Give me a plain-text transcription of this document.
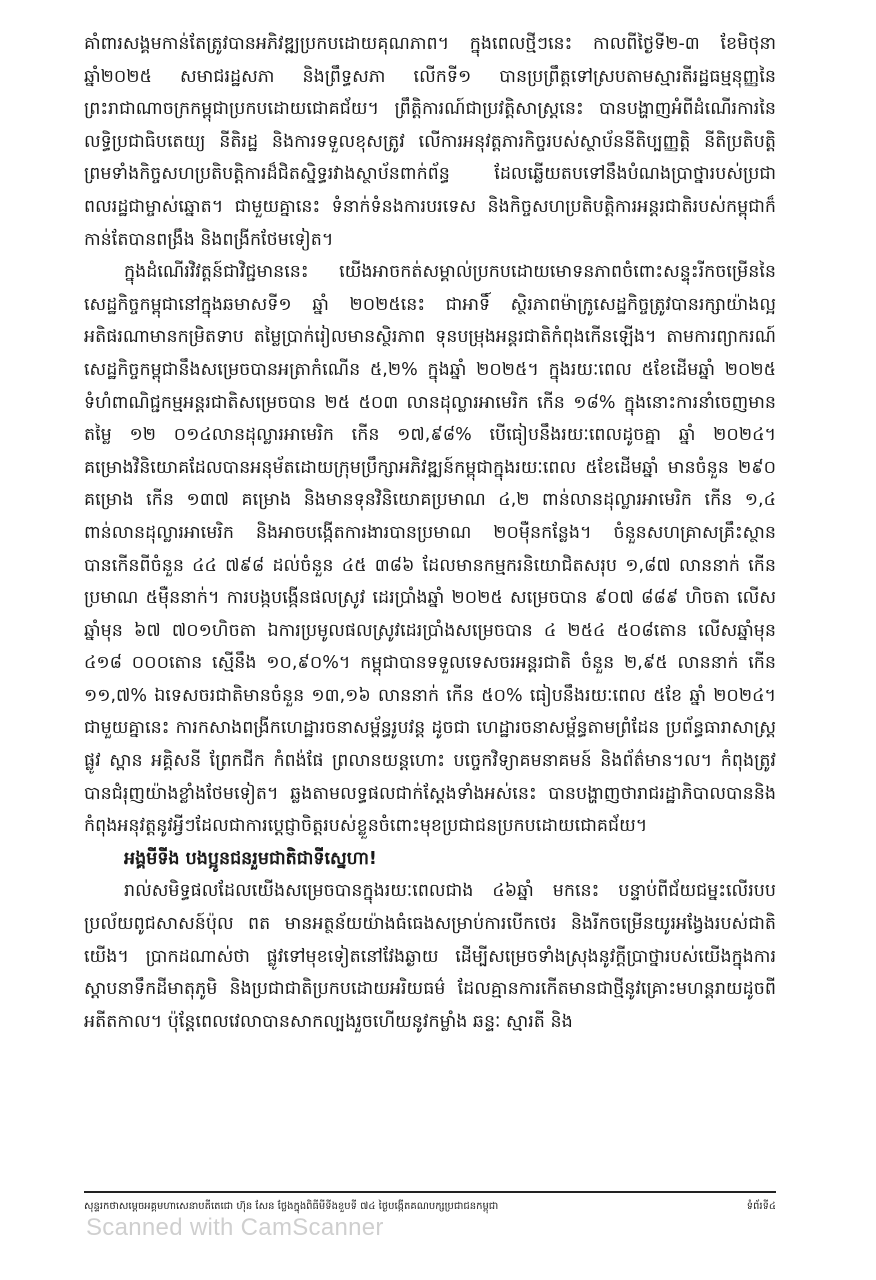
គាំពារសង្គមកាន់តែត្រូវបានអភិវឌ្ឍប្រកបដោយគុណភាព។ ក្នុងពេលថ្មីៗនេះ កាលពីថ្ងៃទី២-៣ ខែមិថុនា ឆ្នាំ២០២៥ សមាជរដ្ឋសភា និងព្រឹទ្ធសភា លើកទី១ បានប្រព្រឹត្តទៅស្របតាមស្មារតីរដ្ឋធម្មនុញ្ញនៃព្រះរាជាណាចក្រកម្ពុជាប្រកបដោយជោគជ័យ។ ព្រឹត្តិការណ៍ជាប្រវត្តិសាស្ត្រនេះ បានបង្ហាញអំពីដំណើរការនៃលទ្ធិប្រជាធិបតេយ្យ នីតិរដ្ឋ និងការទទួលខុសត្រូវ លើការអនុវត្តភារកិច្ចរបស់ស្ថាប័ននីតិប្បញ្ញត្តិ នីតិប្រតិបត្តិ ព្រមទាំងកិច្ចសហប្រតិបត្តិការដ៏ជិតស្និទ្ធរវាងស្ថាប័នពាក់ព័ន្ធ ដែលឆ្លើយតបទៅនឹងបំណងប្រាថ្នារបស់ប្រជាពលរដ្ឋជាម្ចាស់ឆ្នោត។ ជាមួយគ្នានេះ ទំនាក់ទំនងការបរទេស និងកិច្ចសហប្រតិបត្តិការអន្តរជាតិរបស់កម្ពុជាក៏កាន់តែបានពង្រឹង និងពង្រីកថែមទៀត។

ក្នុងដំណើរវិវត្តន៍ជាវិជ្ជមាននេះ យើងអាចកត់សម្គាល់ប្រកបដោយមោទនភាពចំពោះសន្ទុះរីកចម្រើននៃសេដ្ឋកិច្ចកម្ពុជានៅក្នុងឆមាសទី១ ឆ្នាំ ២០២៥នេះ ជាអាទិ៍ ស្ថិរភាពម៉ាក្រូសេដ្ឋកិច្ចត្រូវបានរក្សាយ៉ាងល្អ អតិផរណាមានកម្រិតទាប តម្លៃប្រាក់រៀលមានស្ថិរភាព ទុនបម្រុងអន្តរជាតិកំពុងកើនឡើង។ តាមការព្យាករណ៍សេដ្ឋកិច្ចកម្ពុជានឹងសម្រេចបានអត្រាកំណើន ៥,២% ក្នុងឆ្នាំ ២០២៥។ ក្នុងរយៈពេល ៥ខែដើមឆ្នាំ ២០២៥ ទំហំពាណិជ្ជកម្មអន្តរជាតិសម្រេចបាន ២៥ ៥០៣ លានដុល្លារអាមេរិក កើន ១៨% ក្នុងនោះការនាំចេញមានតម្លៃ ១២ ០១៤លានដុល្លារអាមេរិក កើន ១៧,៩៨% បើធៀបនឹងរយៈពេលដូចគ្នា ឆ្នាំ ២០២៤។ គម្រោងវិនិយោគដែលបានអនុម័តដោយក្រុមប្រឹក្សាអភិវឌ្ឍន៍កម្ពុជាក្នុងរយៈពេល ៥ខែដើមឆ្នាំ មានចំនួន ២៩០ គម្រោង កើន ១៣៧ គម្រោង និងមានទុនវិនិយោគប្រមាណ ៤,២ ពាន់លានដុល្លារអាមេរិក កើន ១,៤ ពាន់លានដុល្លារអាមេរិក និងអាចបង្កើតការងារបានប្រមាណ ២០ម៉ឺនកន្លែង។ ចំនួនសហគ្រាសគ្រឹះស្ថានបានកើនពីចំនួន ៤៤ ៧៩៨ ដល់ចំនួន ៤៥ ៣៨៦ ដែលមានកម្មករនិយោជិតសរុប ១,៨៧ លាននាក់ កើនប្រមាណ ៥ម៉ឺននាក់។ ការបង្កបង្កើនផលស្រូវ ដេរប្រាំងឆ្នាំ ២០២៥ សម្រេចបាន ៩០៧ ៨៨៩ ហិចតា លើសឆ្នាំមុន ៦៧ ៧០១ហិចតា ឯការប្រមូលផលស្រូវដេរប្រាំងសម្រេចបាន ៤ ២៥៤ ៥០៨តោន លើសឆ្នាំមុន ៤១៨ ០០០តោន ស្មើនឹង ១០,៩០%។ កម្ពុជាបានទទួលទេសចរអន្តរជាតិ ចំនួន ២,៩៥ លាននាក់ កើន ១១,៧% ឯទេសចរជាតិមានចំនួន ១៣,១៦ លាននាក់ កើន ៥០% ធៀបនឹងរយៈពេល ៥ខែ ឆ្នាំ ២០២៤។ ជាមួយគ្នានេះ ការកសាងពង្រីកហេដ្ឋារចនាសម្ព័ន្ធរូបវន្ត ដូចជា ហេដ្ឋារចនាសម្ព័ន្ធតាមព្រំដែន ប្រព័ន្ធធារាសាស្ត្រ ផ្លូវ ស្ពាន អគ្គិសនី ព្រែកជីក កំពង់ផែ ព្រលានយន្តហោះ បច្ចេកវិទ្យាគមនាគមន៍ និងព័ត៌មាន។ល។ កំពុងត្រូវបានជំរុញយ៉ាងខ្លាំងថែមទៀត។ ឆ្លងតាមលទ្ធផលជាក់ស្តែងទាំងអស់នេះ បានបង្ហាញថារាជរដ្ឋាភិបាលបាននិងកំពុងអនុវត្តនូវអ្វីៗដែលជាការប្តេជ្ញាចិត្តរបស់ខ្លួនចំពោះមុខប្រជាជនប្រកបដោយជោគជ័យ។

អង្គមីទីង បងប្អូនជនរួមជាតិជាទីស្នេហា!

រាល់សមិទ្ធផលដែលយើងសម្រេចបានក្នុងរយៈពេលជាង ៤៦ឆ្នាំ មកនេះ បន្ទាប់ពីជ័យជម្នះលើរបបប្រល័យពូជសាសន៍ប៉ុល ពត មានអត្ថន័យយ៉ាងធំធេងសម្រាប់ការបើកថេរ និងរីកចម្រើនយូរអង្វែងរបស់ជាតិយើង។ ប្រាកដណាស់ថា ផ្លូវទៅមុខទៀតនៅវែងឆ្ងាយ ដើម្បីសម្រេចទាំងស្រុងនូវក្តីប្រាថ្នារបស់យើងក្នុងការស្តាបនាទឹកដីមាតុភូមិ និងប្រជាជាតិប្រកបដោយអរិយធម៌ ដែលគ្មានការកើតមានជាថ្មីនូវគ្រោះមហន្តរាយដូចពីអតីតកាល។ ប៉ុន្តែពេលវេលាបានសាកល្បងរួចហើយនូវកម្លាំង ឆន្ទៈ ស្មារតី និង

សុន្ទរកថាសម្តេចអគ្គមហាសេនាបតីតេជោ ហ៊ុន សែន ថ្លែងក្នុងពិធីមីទីងខួបទី ៧៤ ថ្ងៃបង្កើតគណបក្សប្រជាជនកម្ពុជា	ទំព័រទី៤
Scanned with CamScanner
